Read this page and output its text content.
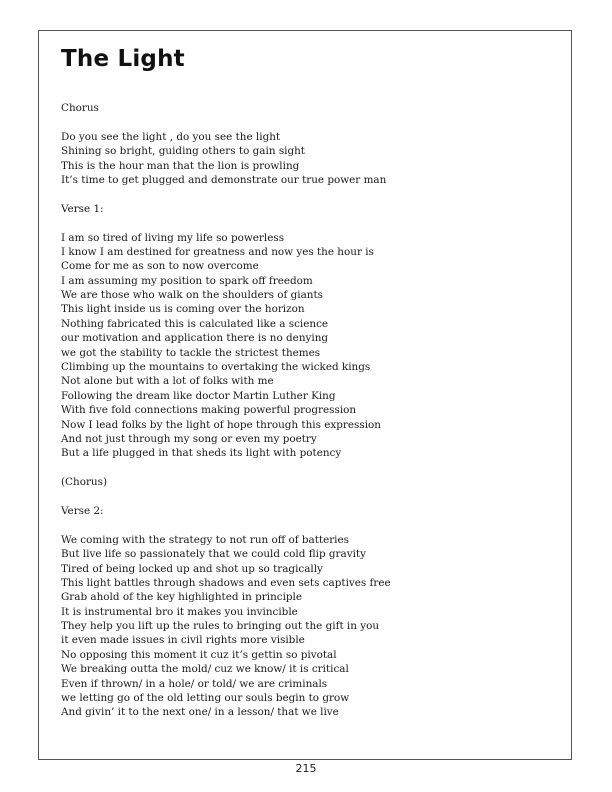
The Light
Chorus
Do you see the light , do you see the light
Shining so bright, guiding others to gain sight
This is the hour man that the lion is prowling
It’s time to get plugged and demonstrate our true power man
Verse 1:
I am so tired of living my life so powerless
I know I am destined for greatness and now yes the hour is
Come for me as son to now overcome
I am assuming my position to spark off freedom
We are those who walk on the shoulders of giants
This light inside us is coming over the horizon
Nothing fabricated this is calculated like a science
our motivation and application there is no denying
we got the stability to tackle the strictest themes
Climbing up the mountains to overtaking the wicked kings
Not alone but with a lot of folks with me
Following the dream like doctor Martin Luther King
With five fold connections making powerful progression
Now I lead folks by the light of hope through this expression
And not just through my song or even my poetry
But a life plugged in that sheds its light with potency
(Chorus)
Verse 2:
We coming with the strategy to not run off of batteries
But live life so passionately that we could cold flip gravity
Tired of being locked up and shot up so tragically
This light battles through shadows and even sets captives free
Grab ahold of the key highlighted in principle
It is instrumental bro it makes you invincible
They help you lift up the rules to bringing out the gift in you
it even made issues in civil rights more visible
No opposing this moment it cuz it’s gettin so pivotal
We breaking outta the mold/ cuz we know/ it is critical
Even if thrown/ in a hole/ or told/ we are criminals
we letting go of the old letting our souls begin to grow
And givin’ it to the next one/ in a lesson/ that we live
215
